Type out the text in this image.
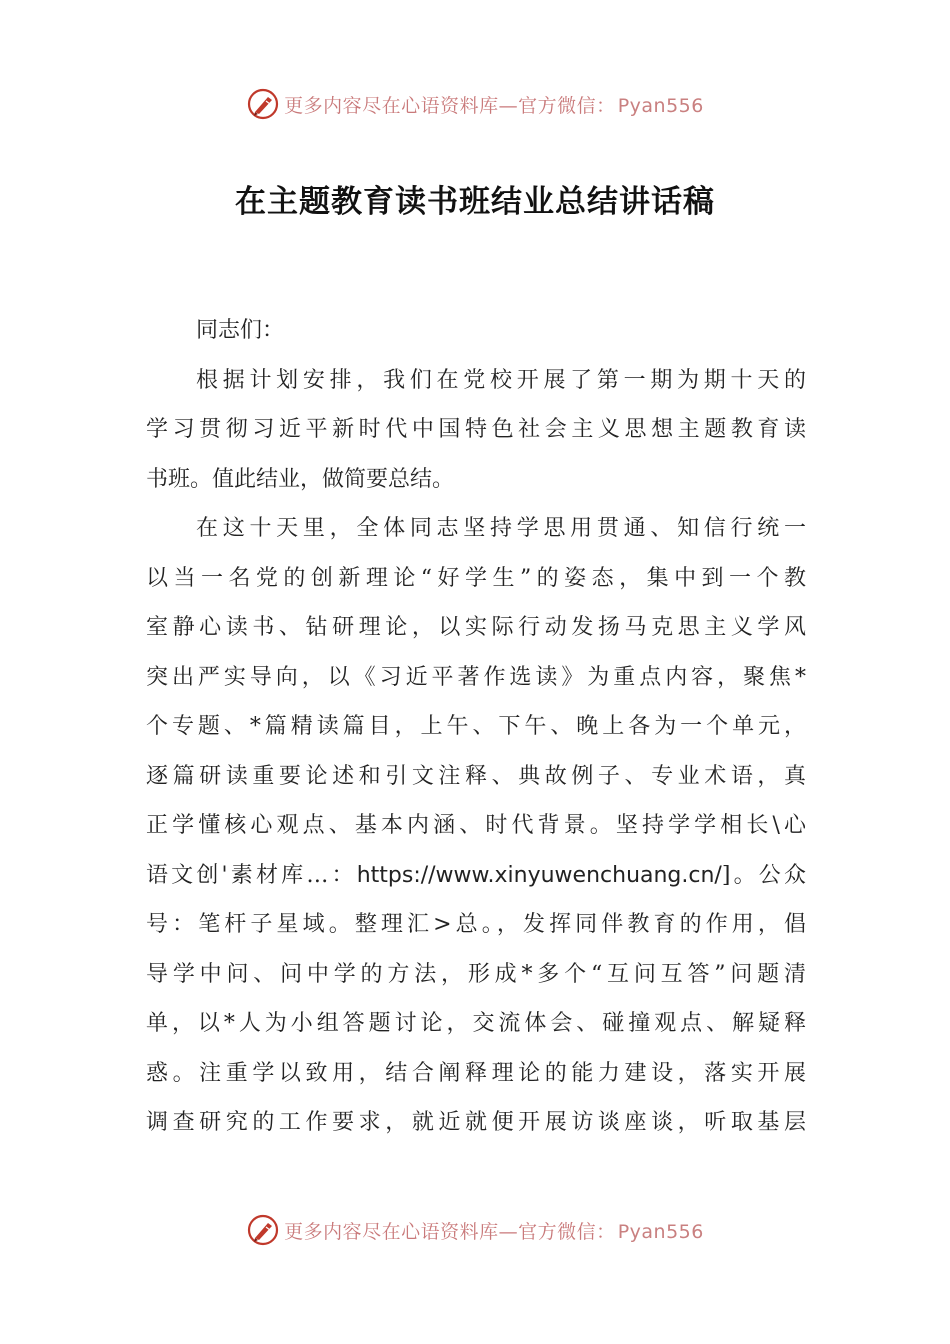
更多内容尽在心语资料库—官方微信： Pyan556
在主题教育读书班结业总结讲话稿
同志们：
根据计划安排，我们在党校开展了第一期为期十天的
学习贯彻习近平新时代中国特色社会主义思想主题教育读
书班。值此结业，做简要总结。
在这十天里，全体同志坚持学思用贯通、知信行统一
以当一名党的创新理论“好学生”的姿态，集中到一个教
室静心读书、钻研理论，以实际行动发扬马克思主义学风
突出严实导向，以《习近平著作选读》为重点内容，聚焦*
个专题、*篇精读篇目，上午、下午、晚上各为一个单元，
逐篇研读重要论述和引文注释、典故例子、专业术语，真
正学懂核心观点、基本内涵、时代背景。坚持学学相长\心
语文创'素材库…：https://www.xinyuwenchuang.cn/]。公众
号：笔杆子星域。整理汇>总。，发挥同伴教育的作用，倡
导学中问、问中学的方法，形成*多个“互问互答”问题清
单，以*人为小组答题讨论，交流体会、碰撞观点、解疑释
惑。注重学以致用，结合阐释理论的能力建设，落实开展
调查研究的工作要求，就近就便开展访谈座谈，听取基层
更多内容尽在心语资料库—官方微信： Pyan556
